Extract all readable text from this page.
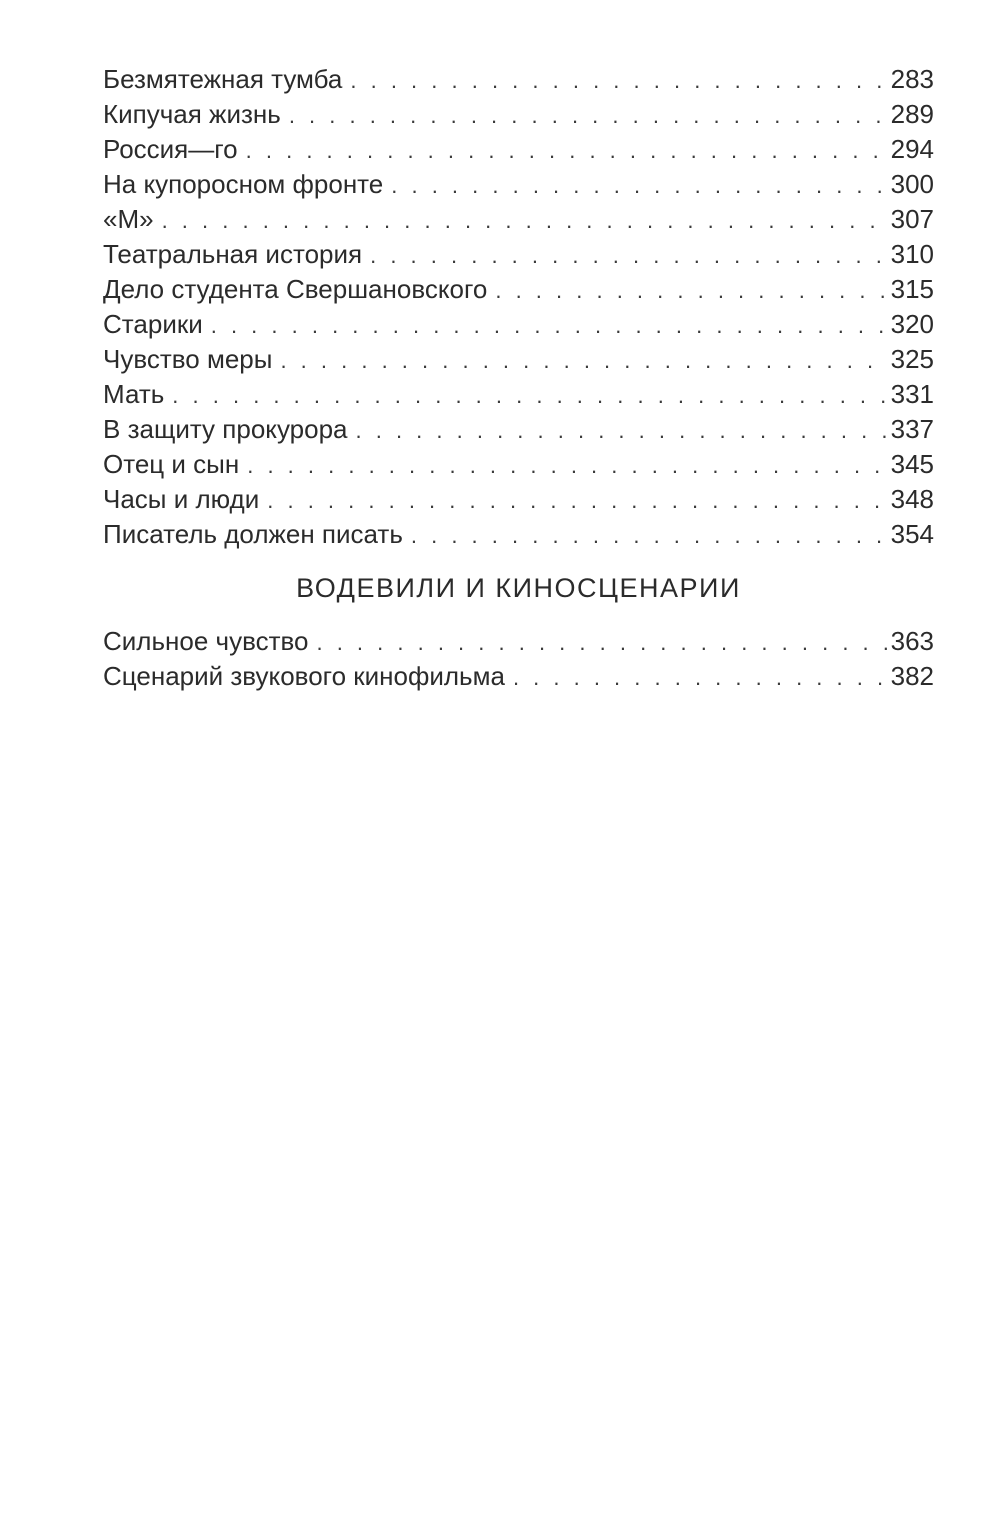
Безмятежная тумба . . .	283
Кипучая жизнь . . .	289
Россия—го . . .	294
На купоросном фронте . . .	300
«М» . . .	307
Театральная история . . .	310
Дело студента Свершановского . . .	315
Старики . . .	320
Чувство меры . . .	325
Мать . . .	331
В защиту прокурора . . .	337
Отец и сын . . .	345
Часы и люди . . .	348
Писатель должен писать . . .	354
ВОДЕВИЛИ И КИНОСЦЕНАРИИ
Сильное чувство . . .	363
Сценарий звукового кинофильма . . .	382
